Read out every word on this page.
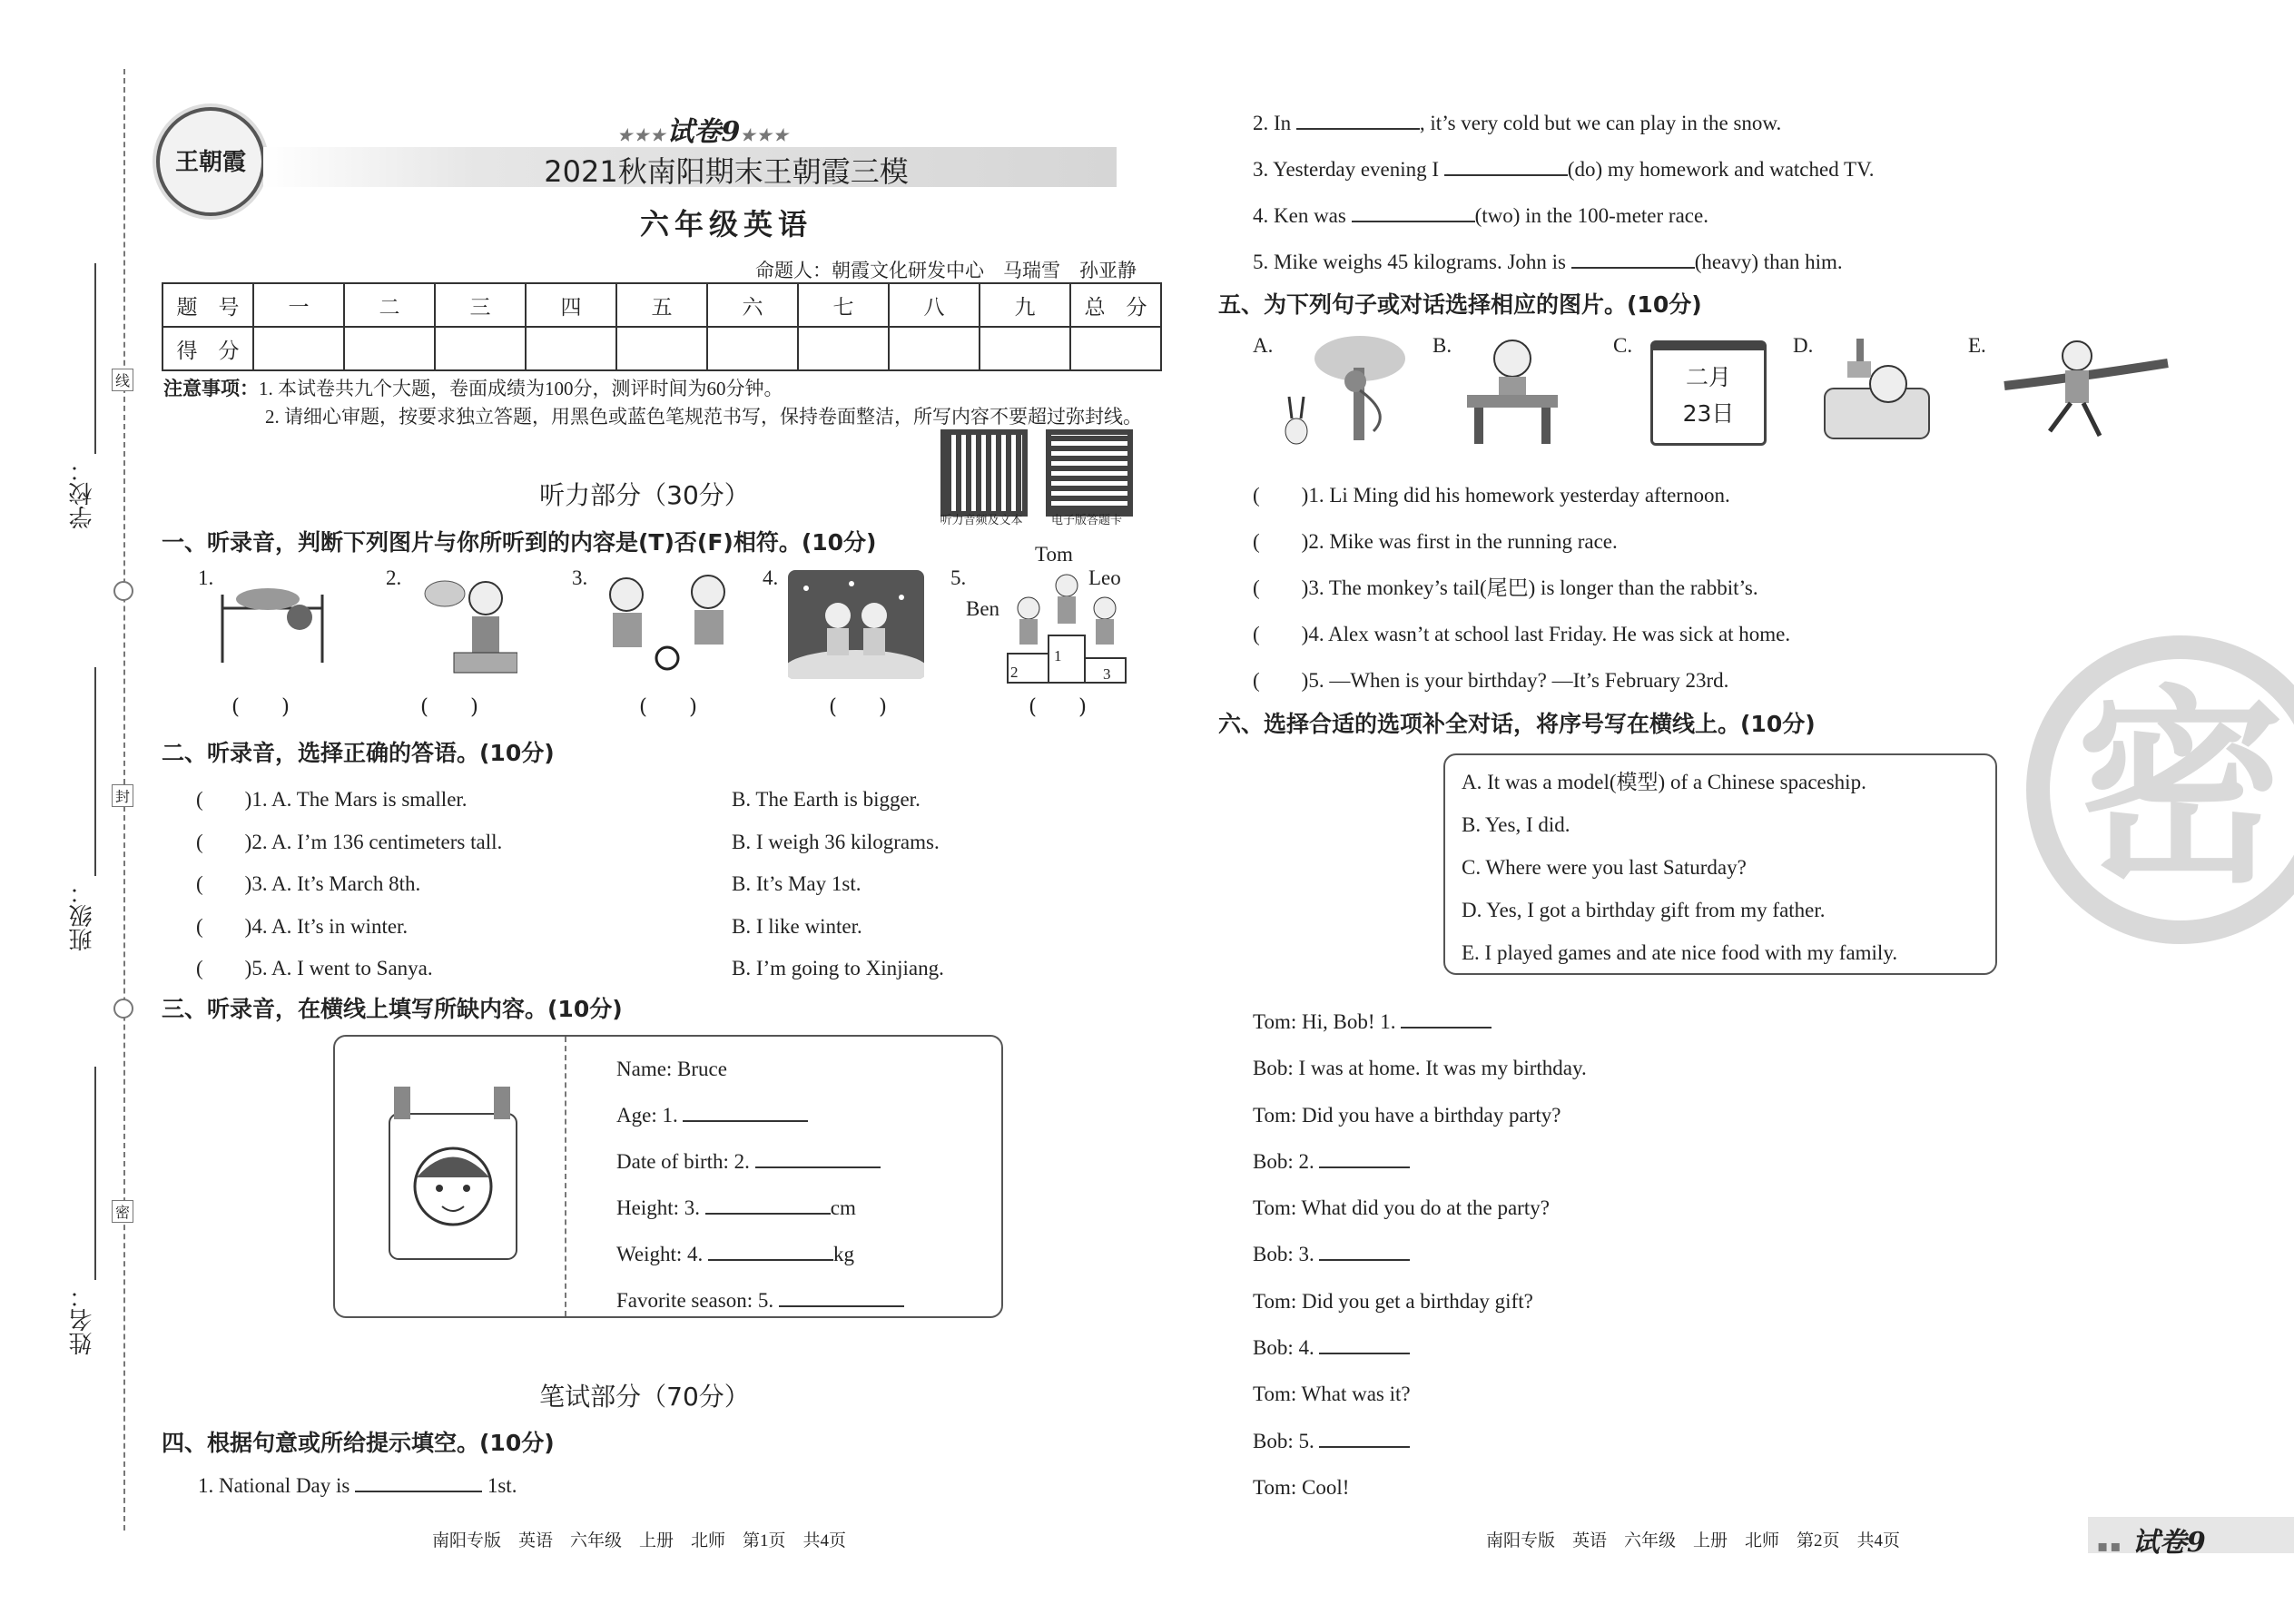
学校：
班级：
姓名：
线
封
密
王朝霞
★★★试卷9★★★
2021秋南阳期末王朝霞三模
六年级英语
命题人：朝霞文化研发中心　马瑞雪　孙亚静
题　号	一	二	三	四	五	六	七	八	九	总　分
得　分										
注意事项：1. 本试卷共九个大题，卷面成绩为100分，测评时间为60分钟。
2. 请细心审题，按要求独立答题，用黑色或蓝色笔规范书写，保持卷面整洁，所写内容不要超过弥封线。
听力音频及文本	电子版答题卡
听力部分（30分）
一、听录音，判断下列图片与你所听到的内容是(T)否(F)相符。(10分)
1.
(　　)
2.
(　　)
3.
(　　)
4.
(　　)
5.
Tom
Ben
Leo
2
1
3
(　　)
二、听录音，选择正确的答语。(10分)
(　　)1. A. The Mars is smaller.	B. The Earth is bigger.
(　　)2. A. I’m 136 centimeters tall.	B. I weigh 36 kilograms.
(　　)3. A. It’s March 8th.	B. It’s May 1st.
(　　)4. A. It’s in winter.	B. I like winter.
(　　)5. A. I went to Sanya.	B. I’m going to Xinjiang.
三、听录音，在横线上填写所缺内容。(10分)
Name: Bruce
Age: 1.
Date of birth: 2.
Height: 3.	cm
Weight: 4.	kg
Favorite season: 5.
笔试部分（70分）
四、根据句意或所给提示填空。(10分)
1. National Day is	1st.
2. In	, it’s very cold but we can play in the snow.
3. Yesterday evening I	(do) my homework and watched TV.
4. Ken was	(two) in the 100-meter race.
5. Mike weighs 45 kilograms. John is	(heavy) than him.
五、为下列句子或对话选择相应的图片。(10分)
A.	B.	C.
二月
23日
D.	E.
(　　)1. Li Ming did his homework yesterday afternoon.
(　　)2. Mike was first in the running race.
(　　)3. The monkey’s tail(尾巴) is longer than the rabbit’s.
(　　)4. Alex wasn’t at school last Friday. He was sick at home.
(　　)5. —When is your birthday? —It’s February 23rd.
六、选择合适的选项补全对话，将序号写在横线上。(10分)
A. It was a model(模型) of a Chinese spaceship.
B. Yes, I did.
C. Where were you last Saturday?
D. Yes, I got a birthday gift from my father.
E. I played games and ate nice food with my family.
Tom: Hi, Bob! 1.
Bob: I was at home. It was my birthday.
Tom: Did you have a birthday party?
Bob: 2.
Tom: What did you do at the party?
Bob: 3.
Tom: Did you get a birthday gift?
Bob: 4.
Tom: What was it?
Bob: 5.
Tom: Cool!
密
南阳专版　英语　六年级　上册　北师　第1页　共4页	南阳专版　英语　六年级　上册　北师　第2页　共4页	▪▪ 试卷9
